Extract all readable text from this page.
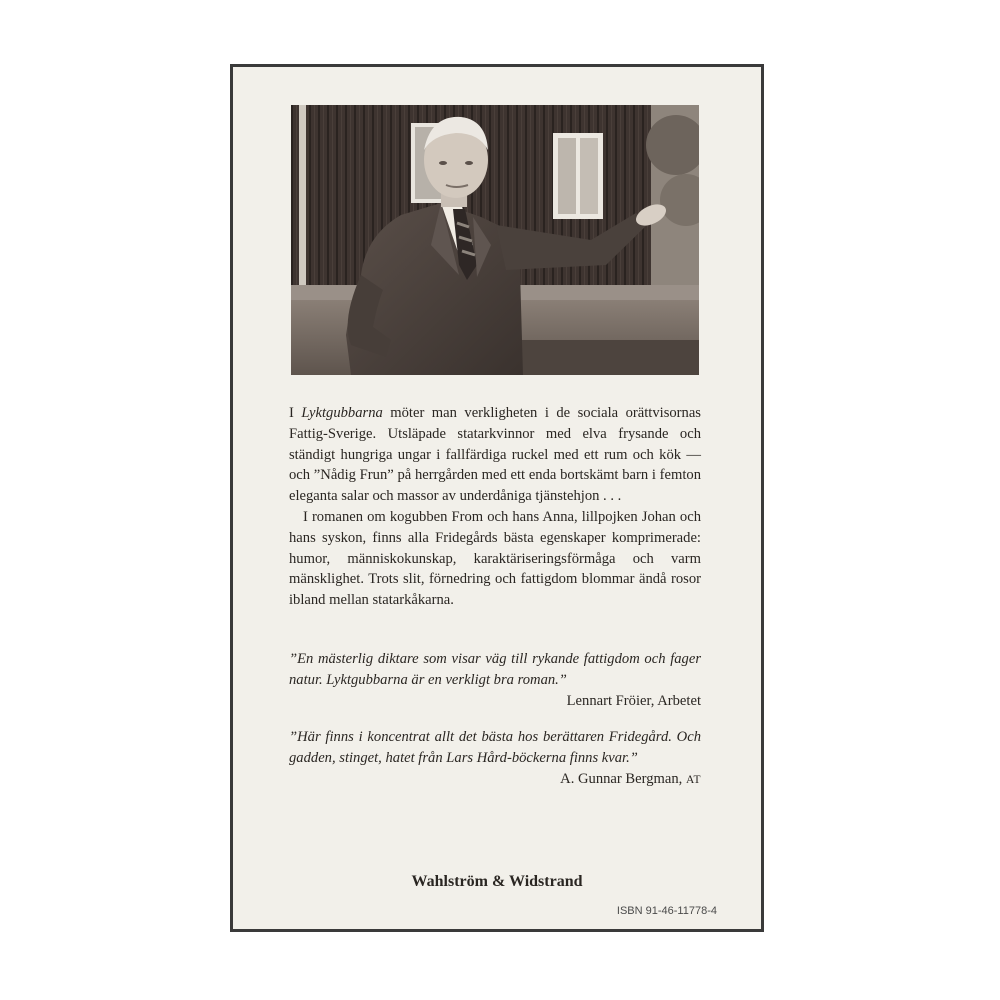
I Lyktgubbarna möter man verkligheten i de sociala orättvisornas Fattig-Sverige. Utsläpade statarkvinnor med elva frysande och ständigt hungriga ungar i fallfärdiga ruckel med ett rum och kök — och ”Nådig Frun” på herrgården med ett enda bortskämt barn i femton eleganta salar och massor av underdåniga tjänstehjon . . .

I romanen om kogubben From och hans Anna, lillpojken Johan och hans syskon, finns alla Fridegårds bästa egenskaper komprimerade: humor, människokunskap, karaktäriseringsförmåga och varm mänsklighet. Trots slit, förnedring och fattigdom blommar ändå rosor ibland mellan statarkåkarna.

”En mästerlig diktare som visar väg till rykande fattigdom och fager natur. Lyktgubbarna är en verkligt bra roman.”

Lennart Fröier, Arbetet

”Här finns i koncentrat allt det bästa hos berättaren Fridegård. Och gadden, stinget, hatet från Lars Hård-böckerna finns kvar.”

A. Gunnar Bergman, AT

Wahlström & Widstrand

ISBN 91-46-11778-4
